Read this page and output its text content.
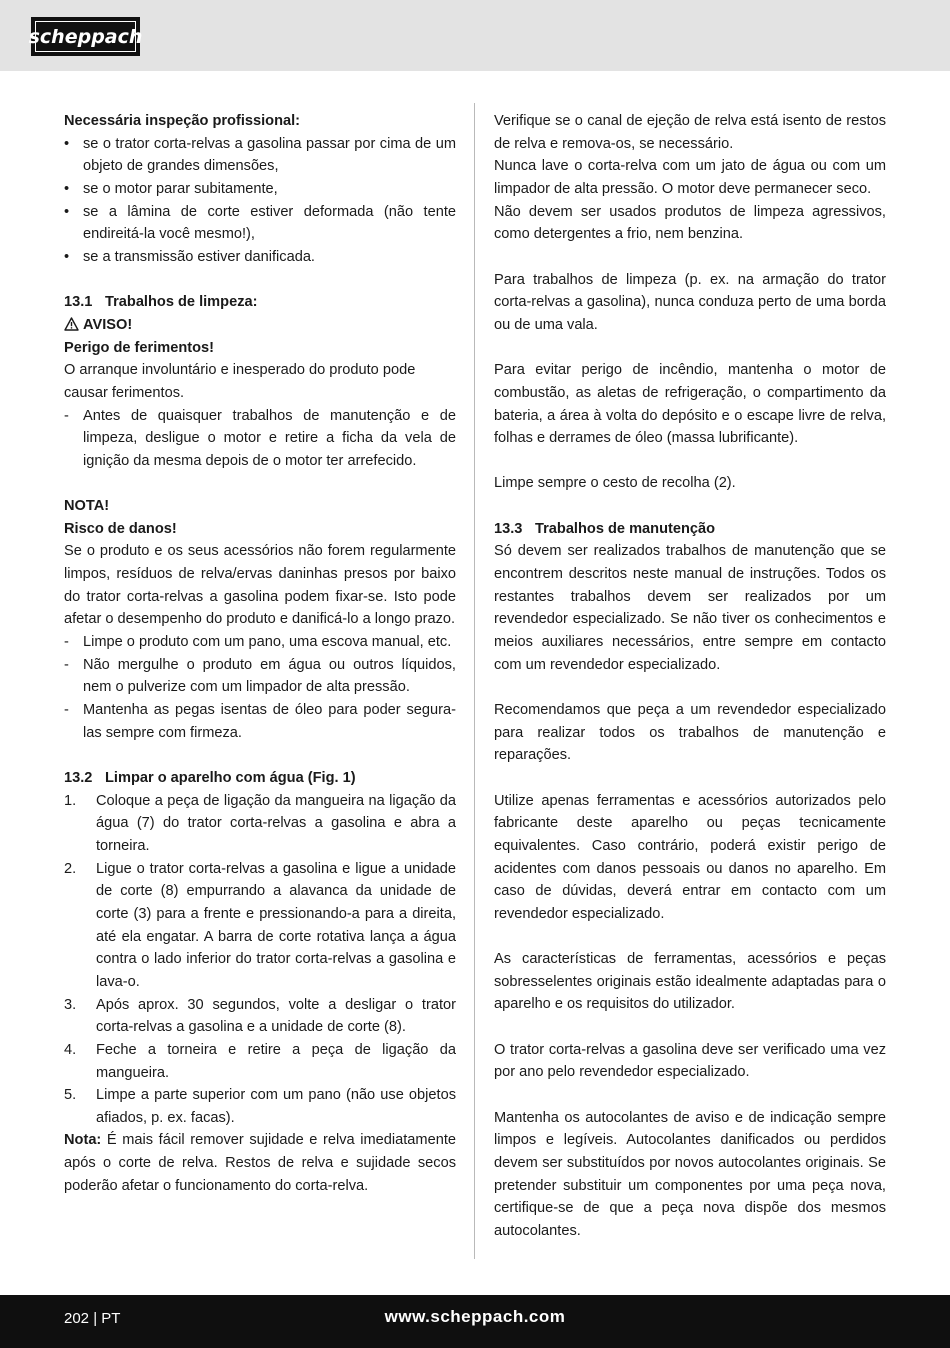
scheppach

Necessária inspeção profissional:

• se o trator corta-relvas a gasolina passar por cima de um objeto de grandes dimensões,
• se o motor parar subitamente,
• se a lâmina de corte estiver deformada (não tente endireitá-la você mesmo!),
• se a transmissão estiver danificada.

13.1 Trabalhos de limpeza:

AVISO!

Perigo de ferimentos!

O arranque involuntário e inesperado do produto pode causar ferimentos.

- Antes de quaisquer trabalhos de manutenção e de limpeza, desligue o motor e retire a ficha da vela de ignição da mesma depois de o motor ter arrefecido.

NOTA!

Risco de danos!

Se o produto e os seus acessórios não forem regularmente limpos, resíduos de relva/ervas daninhas presos por baixo do trator corta-relvas a gasolina podem fixar-se. Isto pode afetar o desempenho do produto e danificá-lo a longo prazo.

- Limpe o produto com um pano, uma escova manual, etc.
- Não mergulhe o produto em água ou outros líquidos, nem o pulverize com um limpador de alta pressão.
- Mantenha as pegas isentas de óleo para poder segura-las sempre com firmeza.

13.2 Limpar o aparelho com água (Fig. 1)

1. Coloque a peça de ligação da mangueira na ligação da água (7) do trator corta-relvas a gasolina e abra a torneira.
2. Ligue o trator corta-relvas a gasolina e ligue a unidade de corte (8) empurrando a alavanca da unidade de corte (3) para a frente e pressionando-a para a direita, até ela engatar. A barra de corte rotativa lança a água contra o lado inferior do trator corta-relvas a gasolina e lava-o.
3. Após aprox. 30 segundos, volte a desligar o trator corta-relvas a gasolina e a unidade de corte (8).
4. Feche a torneira e retire a peça de ligação da mangueira.
5. Limpe a parte superior com um pano (não use objetos afiados, p. ex. facas).

Nota: É mais fácil remover sujidade e relva imediatamente após o corte de relva. Restos de relva e sujidade secos poderão afetar o funcionamento do corta-relva.

Verifique se o canal de ejeção de relva está isento de restos de relva e remova-os, se necessário.

Nunca lave o corta-relva com um jato de água ou com um limpador de alta pressão. O motor deve permanecer seco.

Não devem ser usados produtos de limpeza agressivos, como detergentes a frio, nem benzina.

Para trabalhos de limpeza (p. ex. na armação do trator corta-relvas a gasolina), nunca conduza perto de uma borda ou de uma vala.

Para evitar perigo de incêndio, mantenha o motor de combustão, as aletas de refrigeração, o compartimento da bateria, a área à volta do depósito e o escape livre de relva, folhas e derrames de óleo (massa lubrificante).

Limpe sempre o cesto de recolha (2).

13.3 Trabalhos de manutenção

Só devem ser realizados trabalhos de manutenção que se encontrem descritos neste manual de instruções. Todos os restantes trabalhos devem ser realizados por um revendedor especializado. Se não tiver os conhecimentos e meios auxiliares necessários, entre sempre em contacto com um revendedor especializado.

Recomendamos que peça a um revendedor especializado para realizar todos os trabalhos de manutenção e reparações.

Utilize apenas ferramentas e acessórios autorizados pelo fabricante deste aparelho ou peças tecnicamente equivalentes. Caso contrário, poderá existir perigo de acidentes com danos pessoais ou danos no aparelho. Em caso de dúvidas, deverá entrar em contacto com um revendedor especializado.

As características de ferramentas, acessórios e peças sobresselentes originais estão idealmente adaptadas para o aparelho e os requisitos do utilizador.

O trator corta-relvas a gasolina deve ser verificado uma vez por ano pelo revendedor especializado.

Mantenha os autocolantes de aviso e de indicação sempre limpos e legíveis. Autocolantes danificados ou perdidos devem ser substituídos por novos autocolantes originais. Se pretender substituir um componentes por uma peça nova, certifique-se de que a peça nova dispõe dos mesmos autocolantes.

202 | PT	www.scheppach.com
